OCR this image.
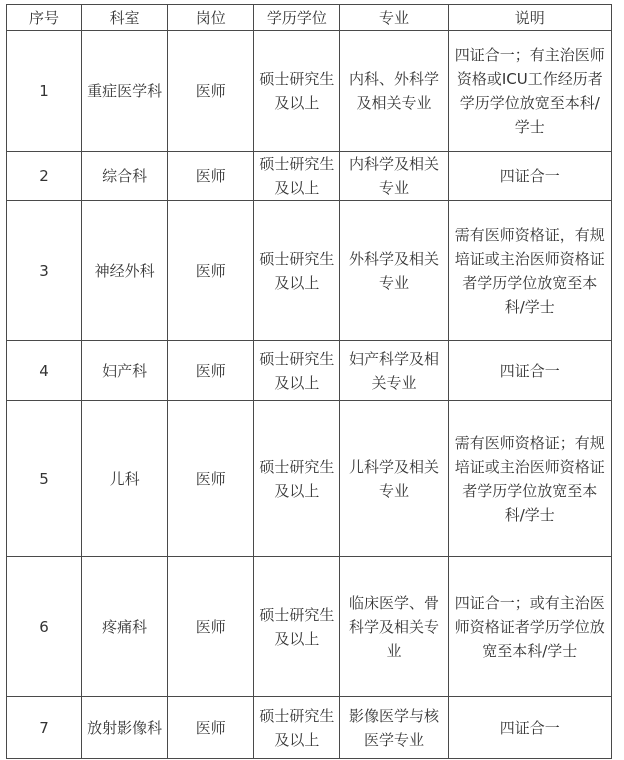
序号	科室	岗位	学历学位	专业	说明
1	重症医学科	医师	硕士研究生及以上	内科、外科学及相关专业	四证合一；有主治医师资格或ICU工作经历者学历学位放宽至本科/学士
2	综合科	医师	硕士研究生及以上	内科学及相关专业	四证合一
3	神经外科	医师	硕士研究生及以上	外科学及相关专业	需有医师资格证，有规培证或主治医师资格证者学历学位放宽至本科/学士
4	妇产科	医师	硕士研究生及以上	妇产科学及相关专业	四证合一
5	儿科	医师	硕士研究生及以上	儿科学及相关专业	需有医师资格证；有规培证或主治医师资格证者学历学位放宽至本科/学士
6	疼痛科	医师	硕士研究生及以上	临床医学、骨科学及相关专业	四证合一；或有主治医师资格证者学历学位放宽至本科/学士
7	放射影像科	医师	硕士研究生及以上	影像医学与核医学专业	四证合一
